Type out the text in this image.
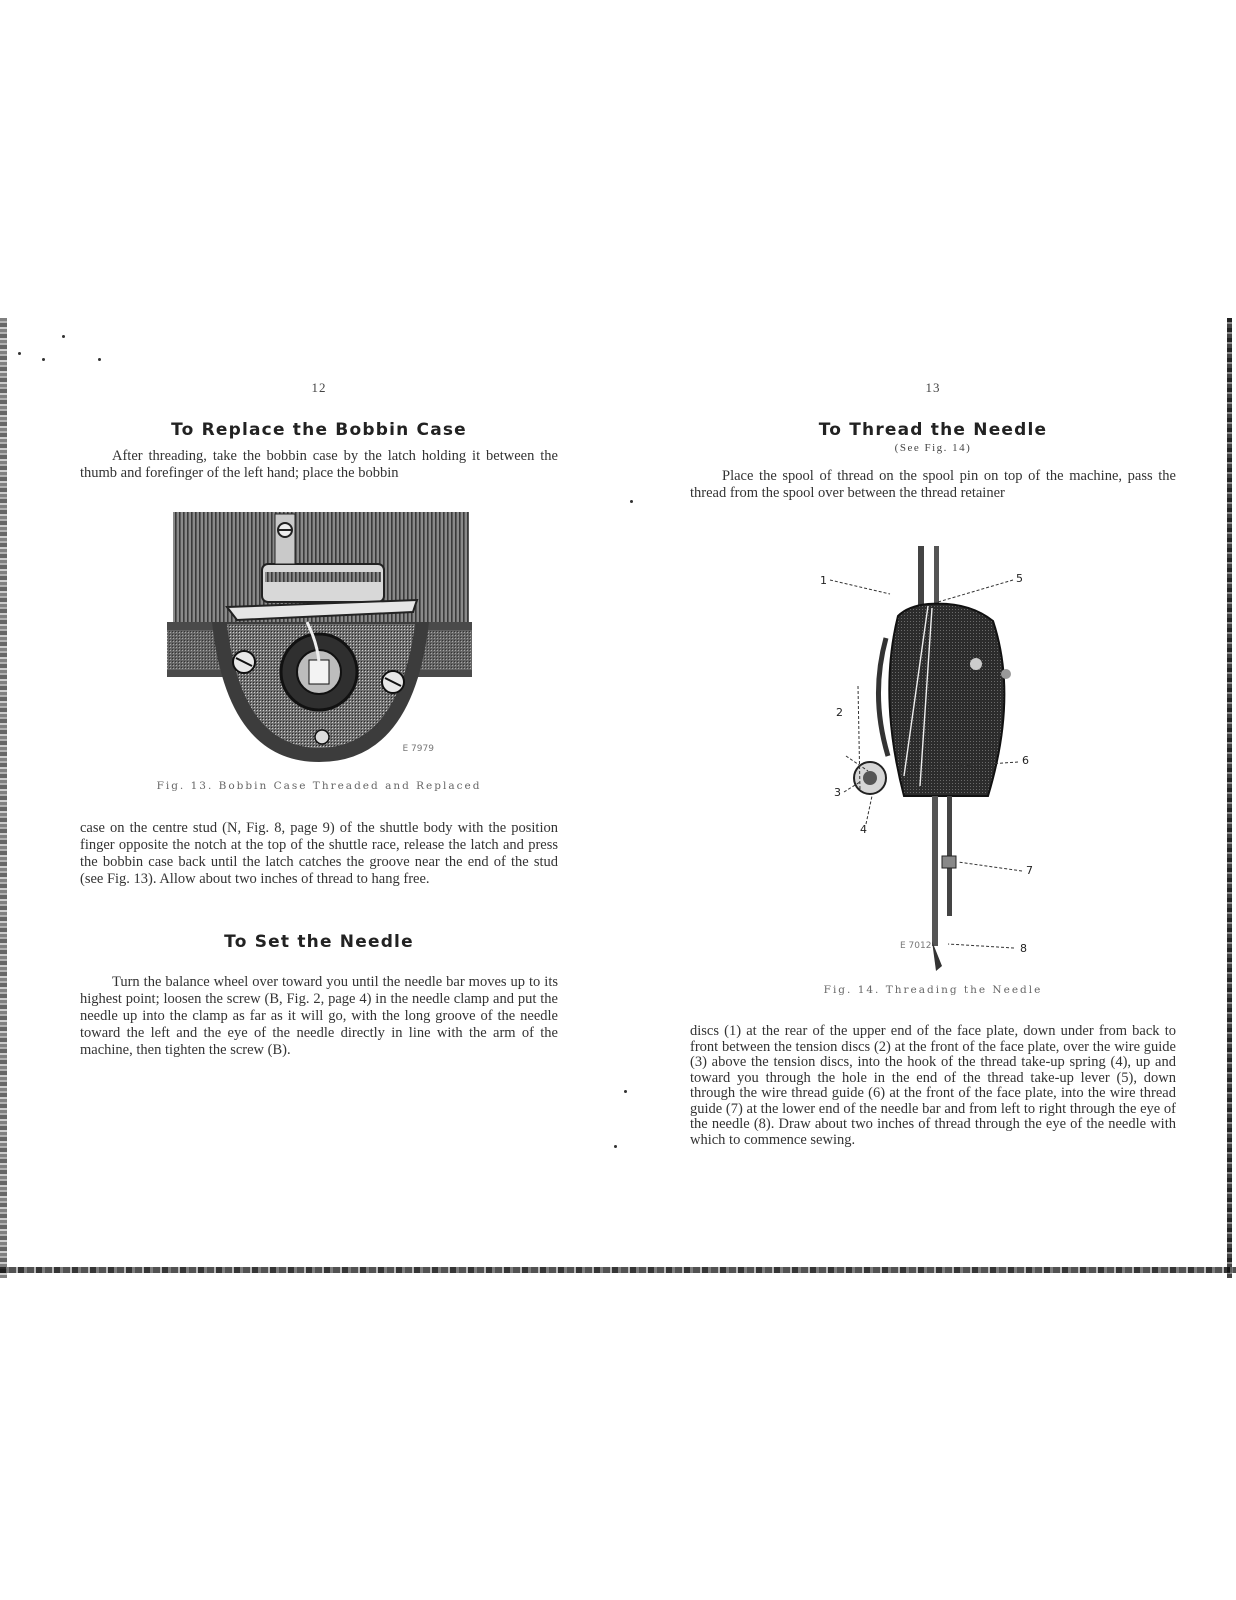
12
To Replace the Bobbin Case

After threading, take the bobbin case by the latch holding it between the thumb and forefinger of the left hand; place the bobbin

E 7979
Fig. 13. Bobbin Case Threaded and Replaced

case on the centre stud (N, Fig. 8, page 9) of the shuttle body with the position finger opposite the notch at the top of the shuttle race, release the latch and press the bobbin case back until the latch catches the groove near the end of the stud (see Fig. 13). Allow about two inches of thread to hang free.

To Set the Needle

Turn the balance wheel over toward you until the needle bar moves up to its highest point; loosen the screw (B, Fig. 2, page 4) in the needle clamp and put the needle up into the clamp as far as it will go, with the long groove of the needle toward the left and the eye of the needle directly in line with the arm of the machine, then tighten the screw (B).

13
To Thread the Needle
(See Fig. 14)

Place the spool of thread on the spool pin on top of the machine, pass the thread from the spool over between the thread retainer

1
2
3
4
5
6
7
8
E 7012
Fig. 14. Threading the Needle

discs (1) at the rear of the upper end of the face plate, down under from back to front between the tension discs (2) at the front of the face plate, over the wire guide (3) above the tension discs, into the hook of the thread take-up spring (4), up and toward you through the hole in the end of the thread take-up lever (5), down through the wire thread guide (6) at the front of the face plate, into the wire thread guide (7) at the lower end of the needle bar and from left to right through the eye of the needle (8). Draw about two inches of thread through the eye of the needle with which to commence sewing.
